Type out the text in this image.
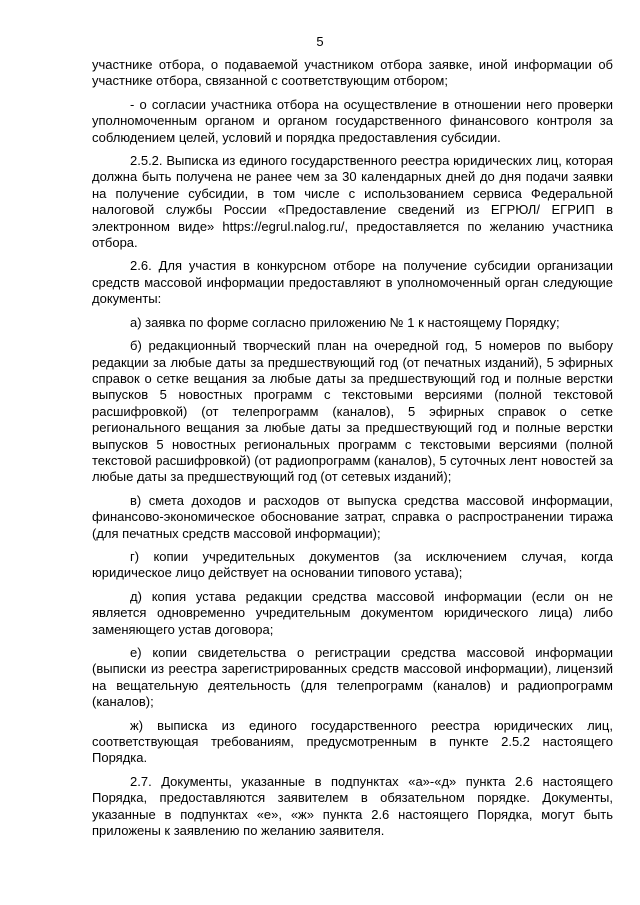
5

участнике отбора, о подаваемой участником отбора заявке, иной информации об участнике отбора, связанной с соответствующим отбором;

- о согласии участника отбора на осуществление в отношении него проверки уполномоченным органом и органом государственного финансового контроля за соблюдением целей, условий и порядка предоставления субсидии.

2.5.2. Выписка из единого государственного реестра юридических лиц, которая должна быть получена не ранее чем за 30 календарных дней до дня подачи заявки на получение субсидии, в том числе с использованием сервиса Федеральной налоговой службы России «Предоставление сведений из ЕГРЮЛ/ ЕГРИП в электронном виде» https://egrul.nalog.ru/, предоставляется по желанию участника отбора.

2.6. Для участия в конкурсном отборе на получение субсидии организации средств массовой информации предоставляют в уполномоченный орган следующие документы:

а) заявка по форме согласно приложению № 1 к настоящему Порядку;

б) редакционный творческий план на очередной год, 5 номеров по выбору редакции за любые даты за предшествующий год (от печатных изданий), 5 эфирных справок о сетке вещания за любые даты за предшествующий год и полные верстки выпусков 5 новостных программ с текстовыми версиями (полной текстовой расшифровкой) (от телепрограмм (каналов), 5 эфирных справок о сетке регионального вещания за любые даты за предшествующий год и полные верстки выпусков 5 новостных региональных программ с текстовыми версиями (полной текстовой расшифровкой) (от радиопрограмм (каналов), 5 суточных лент новостей за любые даты за предшествующий год (от сетевых изданий);

в) смета доходов и расходов от выпуска средства массовой информации, финансово-экономическое обоснование затрат, справка о распространении тиража (для печатных средств массовой информации);

г) копии учредительных документов (за исключением случая, когда юридическое лицо действует на основании типового устава);

д) копия устава редакции средства массовой информации (если он не является одновременно учредительным документом юридического лица) либо заменяющего устав договора;

е) копии свидетельства о регистрации средства массовой информации (выписки из реестра зарегистрированных средств массовой информации), лицензий на вещательную деятельность (для телепрограмм (каналов) и радиопрограмм (каналов);

ж) выписка из единого государственного реестра юридических лиц, соответствующая требованиям, предусмотренным в пункте 2.5.2 настоящего Порядка.

2.7. Документы, указанные в подпунктах «а»-«д» пункта 2.6 настоящего Порядка, предоставляются заявителем в обязательном порядке. Документы, указанные в подпунктах «е», «ж» пункта 2.6 настоящего Порядка, могут быть приложены к заявлению по желанию заявителя.
